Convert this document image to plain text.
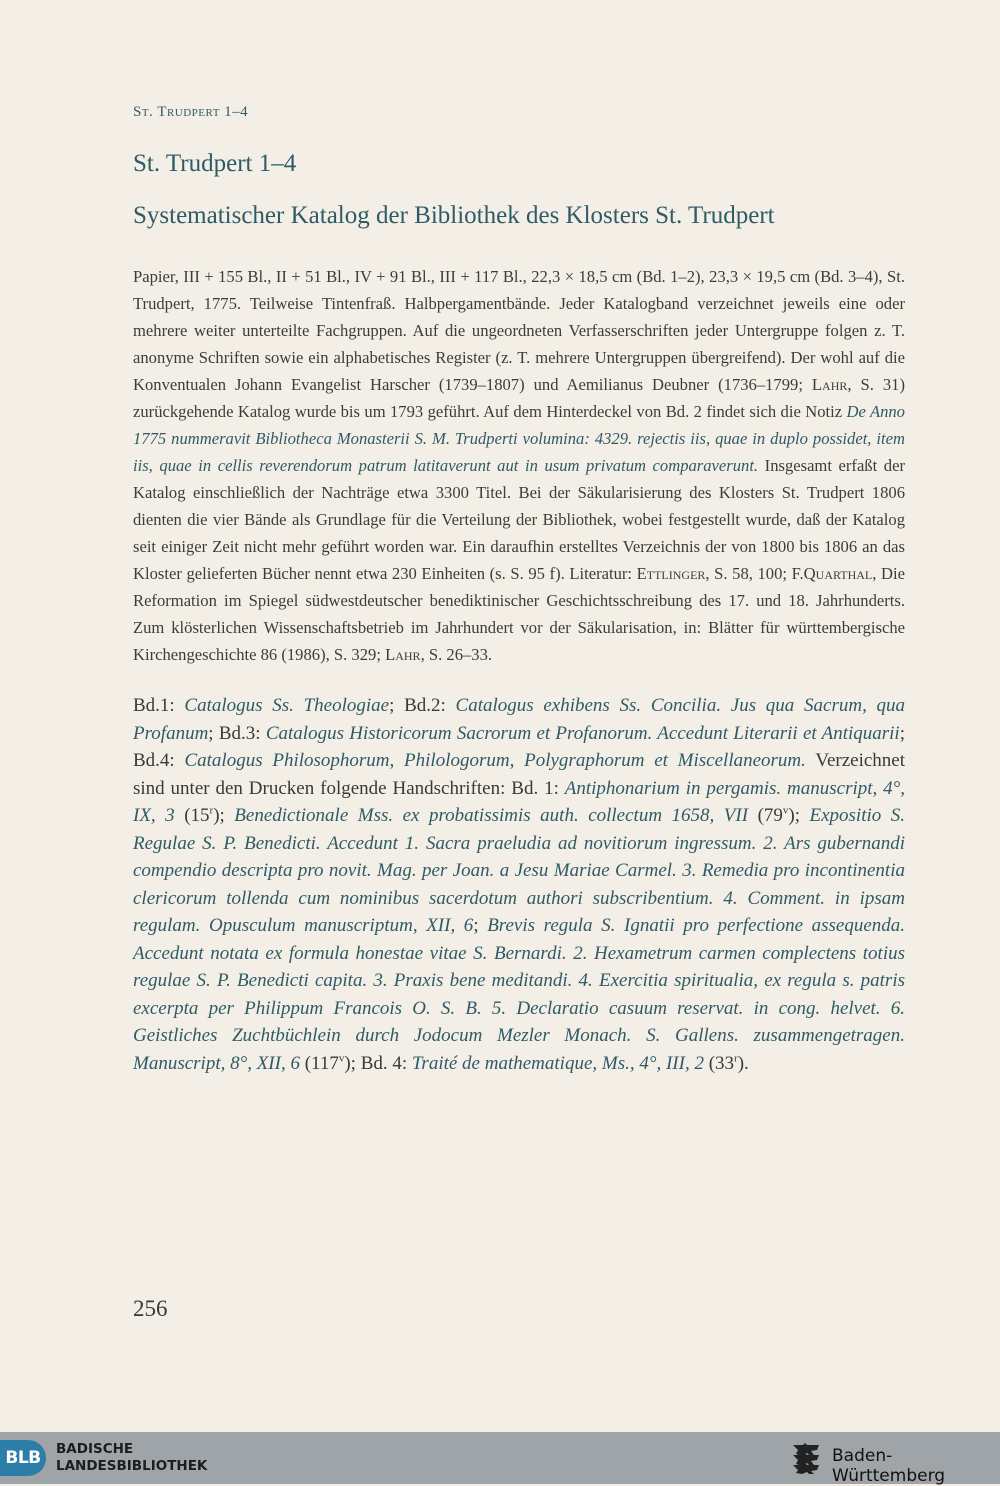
St. Trudpert 1–4
St. Trudpert 1–4
Systematischer Katalog der Bibliothek des Klosters St. Trudpert
Papier, III + 155 Bl., II + 51 Bl., IV + 91 Bl., III + 117 Bl., 22,3 × 18,5 cm (Bd. 1–2), 23,3 × 19,5 cm (Bd. 3–4), St. Trudpert, 1775. Teilweise Tintenfraß. Halbpergamentbände. Jeder Katalogband verzeichnet jeweils eine oder mehrere weiter unterteilte Fachgruppen. Auf die ungeordneten Verfasserschriften jeder Untergruppe folgen z. T. anonyme Schriften sowie ein alphabetisches Register (z. T. mehrere Untergruppen übergreifend). Der wohl auf die Konventualen Johann Evangelist Harscher (1739–1807) und Aemilianus Deubner (1736–1799; Lahr, S. 31) zurückgehende Katalog wurde bis um 1793 geführt. Auf dem Hinterdeckel von Bd. 2 findet sich die Notiz De Anno 1775 nummeravit Bibliotheca Monasterii S. M. Trudperti volumina: 4329. rejectis iis, quae in duplo possidet, item iis, quae in cellis reverendorum patrum latitaverunt aut in usum privatum comparaverunt. Insgesamt erfaßt der Katalog einschließlich der Nachträge etwa 3300 Titel. Bei der Säkularisierung des Klosters St. Trudpert 1806 dienten die vier Bände als Grundlage für die Verteilung der Bibliothek, wobei festgestellt wurde, daß der Katalog seit einiger Zeit nicht mehr geführt worden war. Ein daraufhin erstelltes Verzeichnis der von 1800 bis 1806 an das Kloster gelieferten Bücher nennt etwa 230 Einheiten (s. S. 95 f). Literatur: Ettlinger, S. 58, 100; F.Quarthal, Die Reformation im Spiegel südwestdeutscher benediktinischer Geschichtsschreibung des 17. und 18. Jahrhunderts. Zum klösterlichen Wissenschaftsbetrieb im Jahrhundert vor der Säkularisation, in: Blätter für württembergische Kirchengeschichte 86 (1986), S. 329; Lahr, S. 26–33.
Bd.1: Catalogus Ss. Theologiae; Bd.2: Catalogus exhibens Ss. Concilia. Jus qua Sacrum, qua Profanum; Bd.3: Catalogus Historicorum Sacrorum et Profanorum. Accedunt Literarii et Antiquarii; Bd.4: Catalogus Philosophorum, Philologorum, Polygraphorum et Miscellaneorum. Verzeichnet sind unter den Drucken folgende Handschriften: Bd. 1: Antiphonarium in pergamis. manuscript, 4°, IX, 3 (15$^r$); Benedictionale Mss. ex probatissimis auth. collectum 1658, VII (79$^v$); Expositio S. Regulae S. P. Benedicti. Accedunt 1. Sacra praeludia ad novitiorum ingressum. 2. Ars gubernandi compendio descripta pro novit. Mag. per Joan. a Jesu Mariae Carmel. 3. Remedia pro incontinentia clericorum tollenda cum nominibus sacerdotum authori subscribentium. 4. Comment. in ipsam regulam. Opusculum manuscriptum, XII, 6; Brevis regula S. Ignatii pro perfectione assequenda. Accedunt notata ex formula honestae vitae S. Bernardi. 2. Hexametrum carmen complectens totius regulae S. P. Benedicti capita. 3. Praxis bene meditandi. 4. Exercitia spiritualia, ex regula s. patris excerpta per Philippum Francois O. S. B. 5. Declaratio casuum reservat. in cong. helvet. 6. Geistliches Zuchtbüchlein durch Jodocum Mezler Monach. S. Gallens. zusammengetragen. Manuscript, 8°, XII, 6 (117$^v$); Bd. 4: Traité de mathematique, Ms., 4°, III, 2 (33$^r$).
256
BLB	BADISCHE
LANDESBIBLIOTHEK	Baden-Württemberg
